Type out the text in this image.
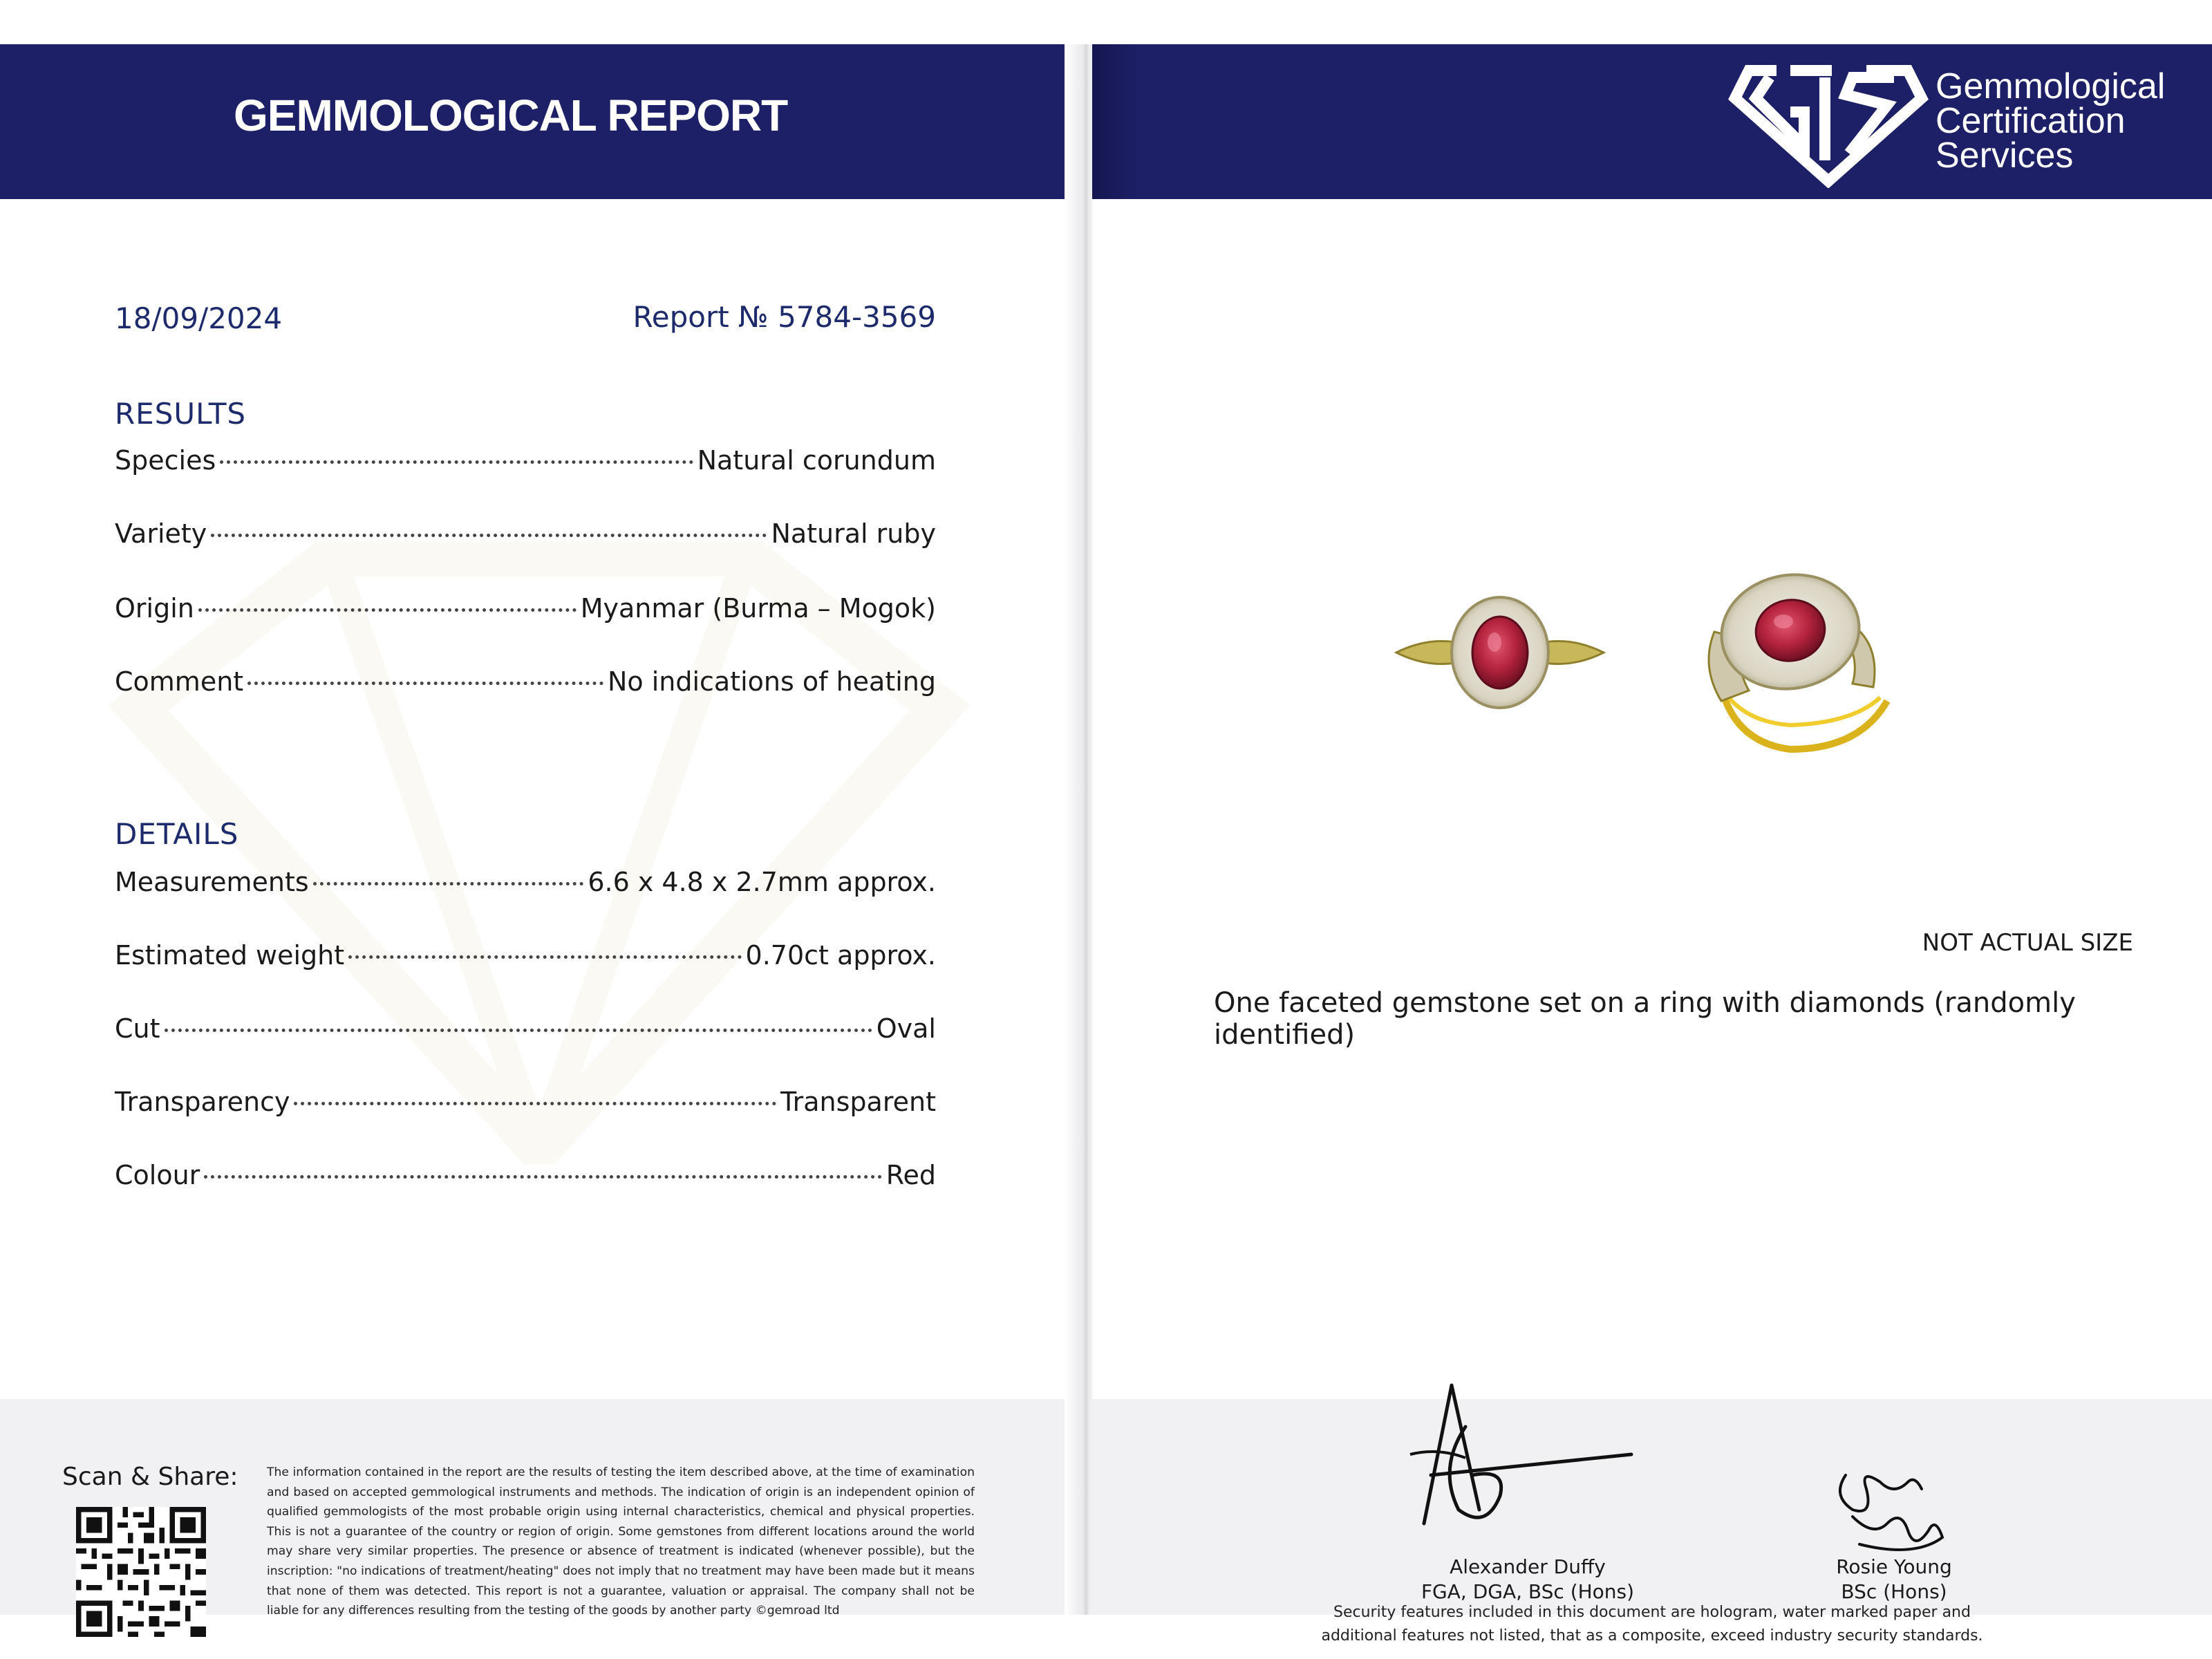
GEMMOLOGICAL REPORT
18/09/2024	Report № 5784-3569
RESULTS
Species	Natural corundum
Variety	Natural ruby
Origin	Myanmar (Burma – Mogok)
Comment	No indications of heating
DETAILS
Measurements	6.6 x 4.8 x 2.7mm approx.
Estimated weight	0.70ct approx.
Cut	Oval
Transparency	Transparent
Colour	Red
Scan & Share: The information contained in the report are the results of testing the item described above, at the time of examination and based on accepted gemmological instruments and methods. The indication of origin is an independent opinion of qualified gemmologists of the most probable origin using internal characteristics, chemical and physical properties. This is not a guarantee of the country or region of origin. Some gemstones from different locations around the world may share very similar properties. The presence or absence of treatment is indicated (whenever possible), but the inscription: "no indications of treatment/heating" does not imply that no treatment may have been made but it means that none of them was detected. This report is not a guarantee, valuation or appraisal. The company shall not be liable for any differences resulting from the testing of the goods by another party ©gemroad ltd
Gemmological
Certification
Services
NOT ACTUAL SIZE
One faceted gemstone set on a ring with diamonds (randomly identified)
Alexander Duffy
FGA, DGA, BSc (Hons)
Rosie Young
BSc (Hons)
Security features included in this document are hologram, water marked paper and additional features not listed, that as a composite, exceed industry security standards.
